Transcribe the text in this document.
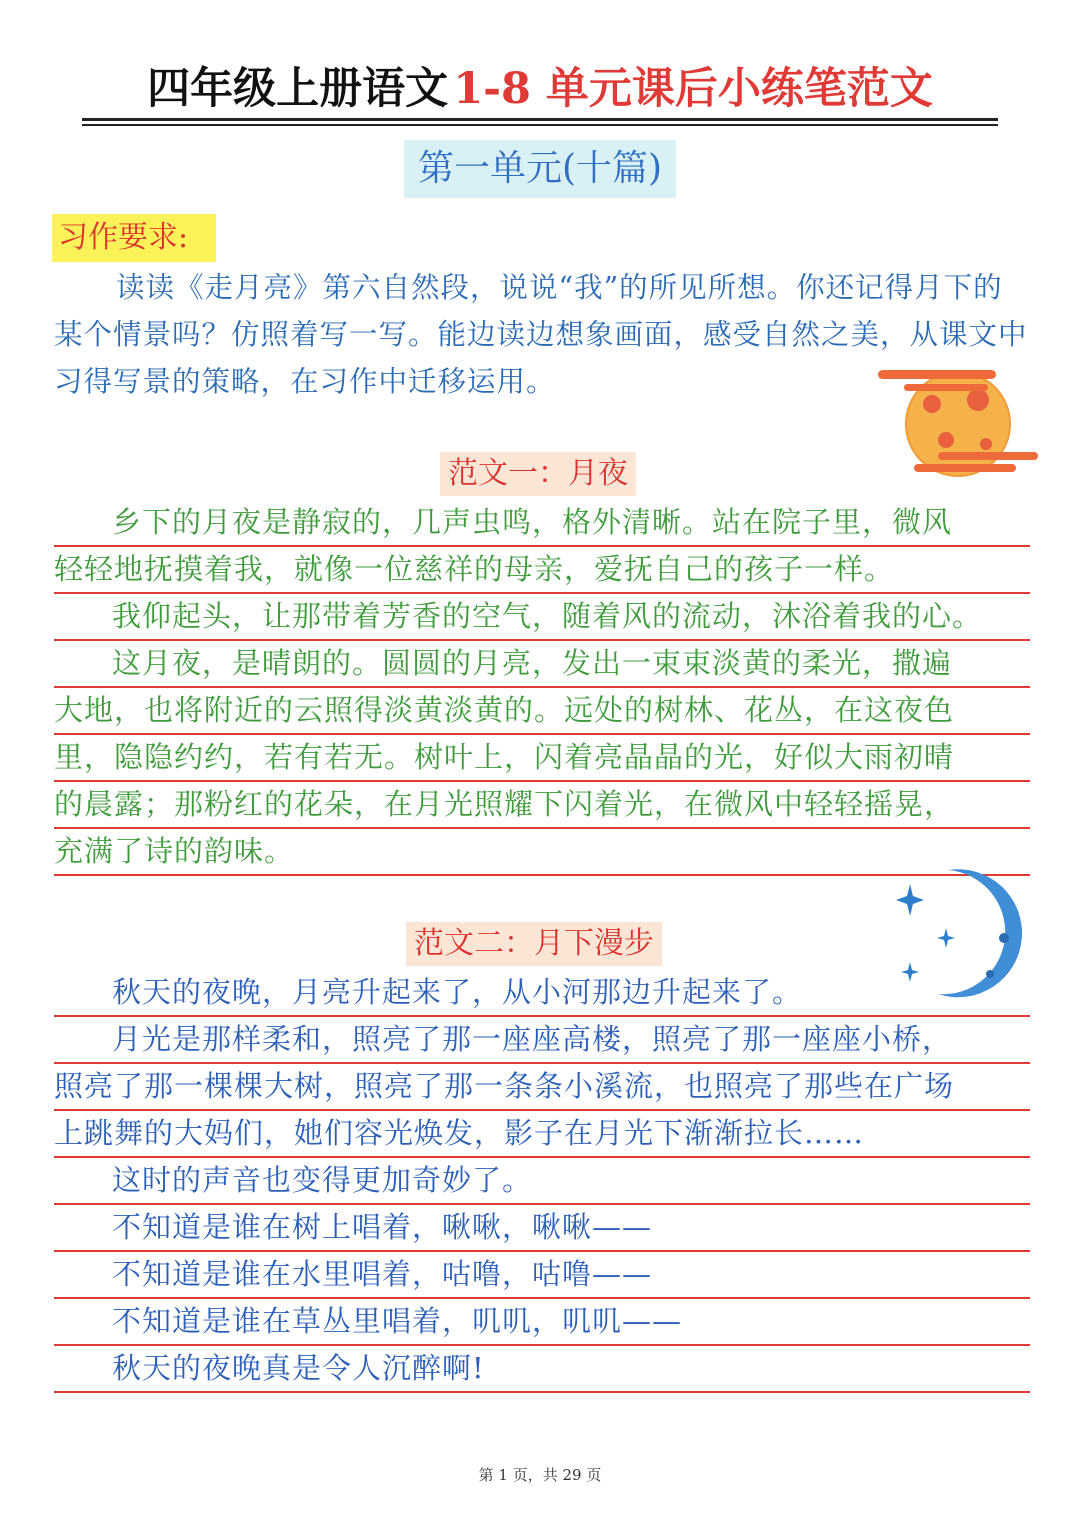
四年级上册语文 1-8 单元课后小练笔范文
第一单元(十篇)
习作要求:
读读《走月亮》第六自然段，说说“我”的所见所想。你还记得月下的某个情景吗？仿照着写一写。能边读边想象画面，感受自然之美，从课文中习得写景的策略，在习作中迁移运用。
范文一：月夜
乡下的月夜是静寂的，几声虫鸣，格外清晰。站在院子里，微风
轻轻地抚摸着我，就像一位慈祥的母亲，爱抚自己的孩子一样。
我仰起头，让那带着芳香的空气，随着风的流动，沐浴着我的心。
这月夜，是晴朗的。圆圆的月亮，发出一束束淡黄的柔光，撒遍
大地，也将附近的云照得淡黄淡黄的。远处的树林、花丛，在这夜色
里，隐隐约约，若有若无。树叶上，闪着亮晶晶的光，好似大雨初晴
的晨露；那粉红的花朵，在月光照耀下闪着光，在微风中轻轻摇晃，
充满了诗的韵味。
范文二：月下漫步
秋天的夜晚，月亮升起来了，从小河那边升起来了。
月光是那样柔和，照亮了那一座座高楼，照亮了那一座座小桥，
照亮了那一棵棵大树，照亮了那一条条小溪流，也照亮了那些在广场
上跳舞的大妈们，她们容光焕发，影子在月光下渐渐拉长……
这时的声音也变得更加奇妙了。
不知道是谁在树上唱着，啾啾，啾啾——
不知道是谁在水里唱着，咕噜，咕噜——
不知道是谁在草丛里唱着，叽叽，叽叽——
秋天的夜晚真是令人沉醉啊!
第 1 页，共 29 页
